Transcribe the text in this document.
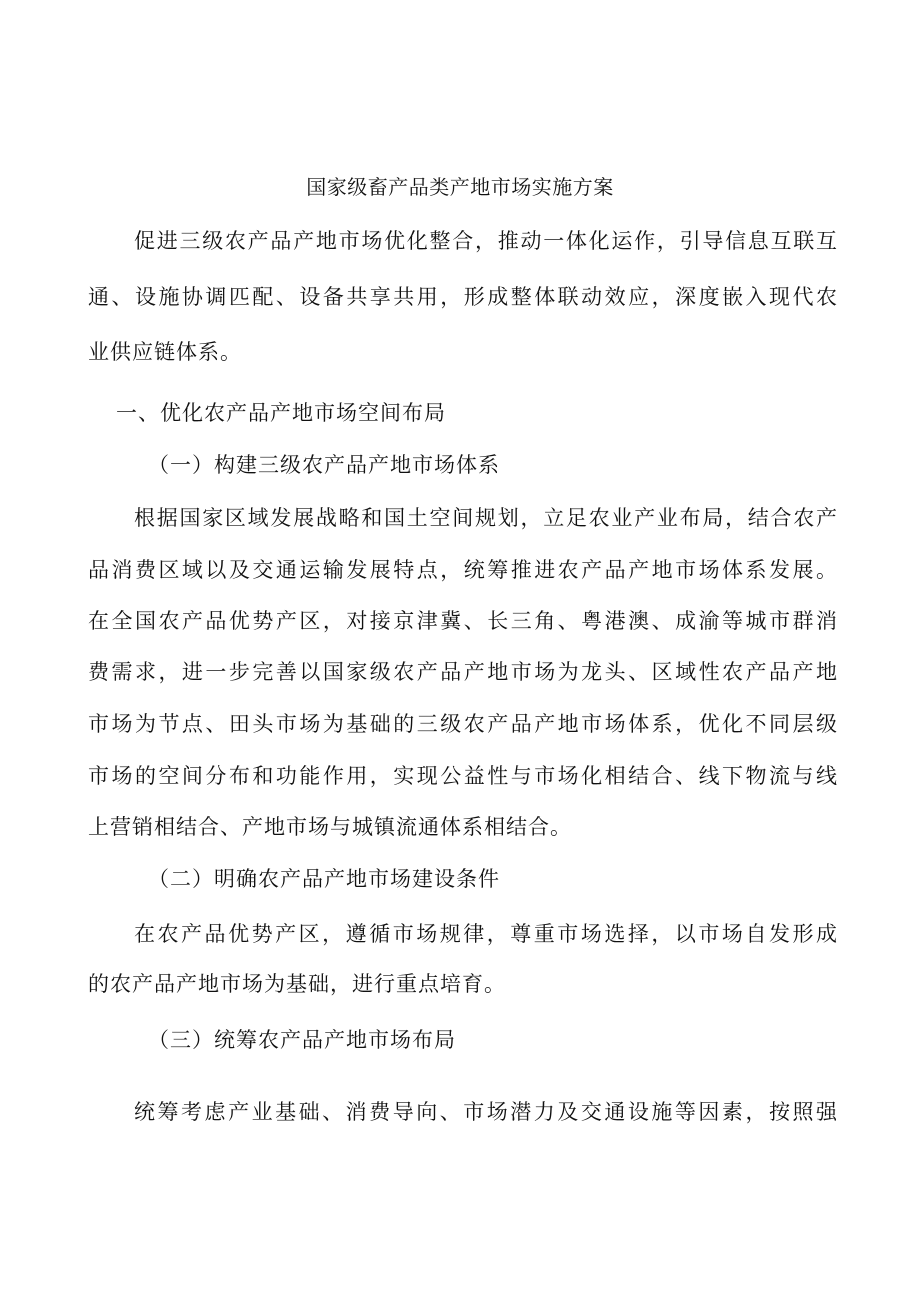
国家级畜产品类产地市场实施方案
促进三级农产品产地市场优化整合，推动一体化运作，引导信息互联互
通、设施协调匹配、设备共享共用，形成整体联动效应，深度嵌入现代农
业供应链体系。
一、优化农产品产地市场空间布局
（一）构建三级农产品产地市场体系
根据国家区域发展战略和国土空间规划，立足农业产业布局，结合农产
品消费区域以及交通运输发展特点，统筹推进农产品产地市场体系发展。
在全国农产品优势产区，对接京津冀、长三角、粤港澳、成渝等城市群消
费需求，进一步完善以国家级农产品产地市场为龙头、区域性农产品产地
市场为节点、田头市场为基础的三级农产品产地市场体系，优化不同层级
市场的空间分布和功能作用，实现公益性与市场化相结合、线下物流与线
上营销相结合、产地市场与城镇流通体系相结合。
（二）明确农产品产地市场建设条件
在农产品优势产区，遵循市场规律，尊重市场选择，以市场自发形成
的农产品产地市场为基础，进行重点培育。
（三）统筹农产品产地市场布局
统筹考虑产业基础、消费导向、市场潜力及交通设施等因素，按照强
